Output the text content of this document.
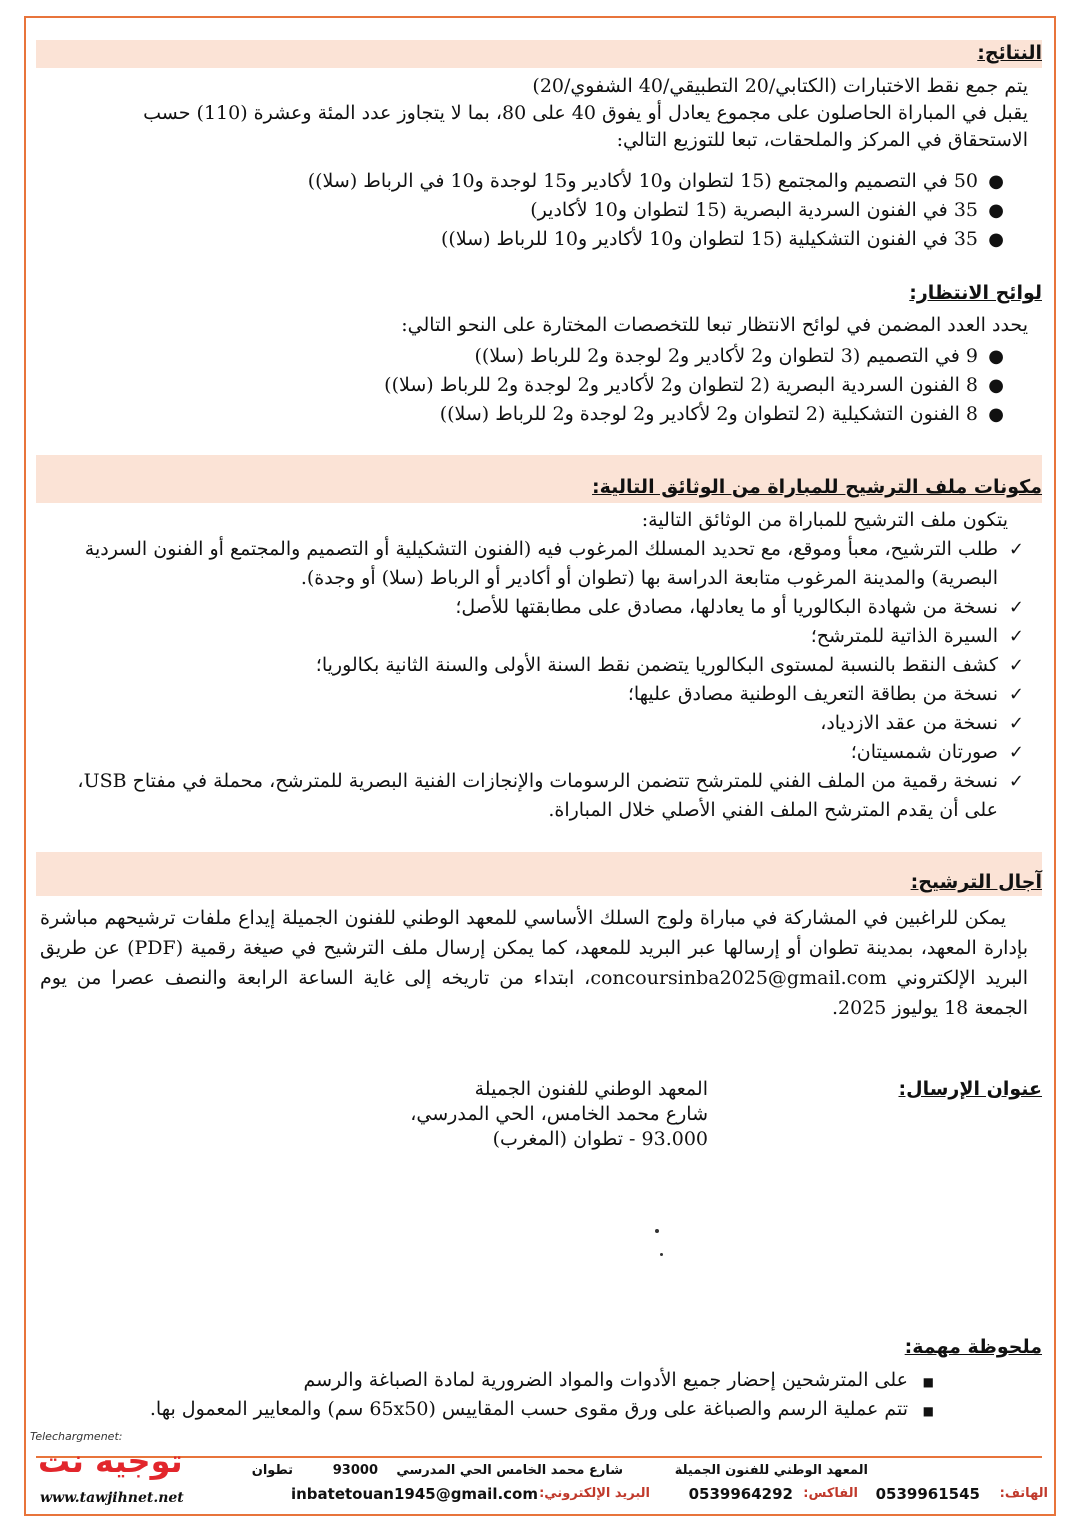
النتائج:

يتم جمع نقط الاختبارات (الكتابي/20 التطبيقي/40 الشفوي/20)

يقبل في المباراة الحاصلون على مجموع يعادل أو يفوق 40 على 80، بما لا يتجاوز عدد المئة وعشرة (110) حسب

الاستحقاق في المركز والملحقات، تبعا للتوزيع التالي:

●
50 في التصميم والمجتمع (15 لتطوان و10 لأكادير و15 لوجدة و10 في الرباط (سلا))
●
35 في الفنون السردية البصرية (15 لتطوان و10 لأكادير)
●
35 في الفنون التشكيلية (15 لتطوان و10 لأكادير و10 للرباط (سلا))
لوائح الانتظار:
يحدد العدد المضمن في لوائح الانتظار تبعا للتخصصات المختارة على النحو التالي:
●
9 في التصميم (3 لتطوان و2 لأكادير و2 لوجدة و2 للرباط (سلا))
●
8 الفنون السردية البصرية (2 لتطوان و2 لأكادير و2 لوجدة و2 للرباط (سلا))
●
8 الفنون التشكيلية (2 لتطوان و2 لأكادير و2 لوجدة و2 للرباط (سلا))
مكونات ملف الترشيح للمباراة من الوثائق التالية:
يتكون ملف الترشيح للمباراة من الوثائق التالية:
✓
طلب الترشيح، معبأ وموقع، مع تحديد المسلك المرغوب فيه (الفنون التشكيلية أو التصميم والمجتمع أو الفنون السردية البصرية) والمدينة المرغوب متابعة الدراسة بها (تطوان أو أكادير أو الرباط (سلا) أو وجدة).
✓
نسخة من شهادة البكالوريا أو ما يعادلها، مصادق على مطابقتها للأصل؛
✓
السيرة الذاتية للمترشح؛
✓
كشف النقط بالنسبة لمستوى البكالوريا يتضمن نقط السنة الأولى والسنة الثانية بكالوريا؛
✓
نسخة من بطاقة التعريف الوطنية مصادق عليها؛
✓
نسخة من عقد الازدياد،
✓
صورتان شمسيتان؛
✓
نسخة رقمية من الملف الفني للمترشح تتضمن الرسومات والإنجازات الفنية البصرية للمترشح، محملة في مفتاح USB، على أن يقدم المترشح الملف الفني الأصلي خلال المباراة.
آجال الترشيح:
يمكن للراغبين في المشاركة في مباراة ولوج السلك الأساسي للمعهد الوطني للفنون الجميلة إيداع ملفات ترشيحهم مباشرة بإدارة المعهد، بمدينة تطوان أو إرسالها عبر البريد للمعهد، كما يمكن إرسال ملف الترشيح في صيغة رقمية (PDF) عن طريق البريد الإلكتروني concoursinba2025@gmail.com، ابتداء من تاريخه إلى غاية الساعة الرابعة والنصف عصرا من يوم الجمعة 18 يوليوز 2025.
عنوان الإرسال:
المعهد الوطني للفنون الجميلة
شارع محمد الخامس، الحي المدرسي،
93.000 - تطوان (المغرب)
ملحوظة مهمة:
■
على المترشحين إحضار جميع الأدوات والمواد الضرورية لمادة الصباغة والرسم
■
تتم عملية الرسم والصباغة على ورق مقوى حسب المقاييس (65x50 سم) والمعايير المعمول بها.
المعهد الوطني للفنون الجميلة
شارع محمد الخامس الحي المدرسي
93000
تطوان
الهاتف:
0539961545
الفاكس:
0539964292
البريد الإلكتروني:
inbatetouan1945@gmail.com
Telechargmenet:
توجيه نت
www.tawjihnet.net
